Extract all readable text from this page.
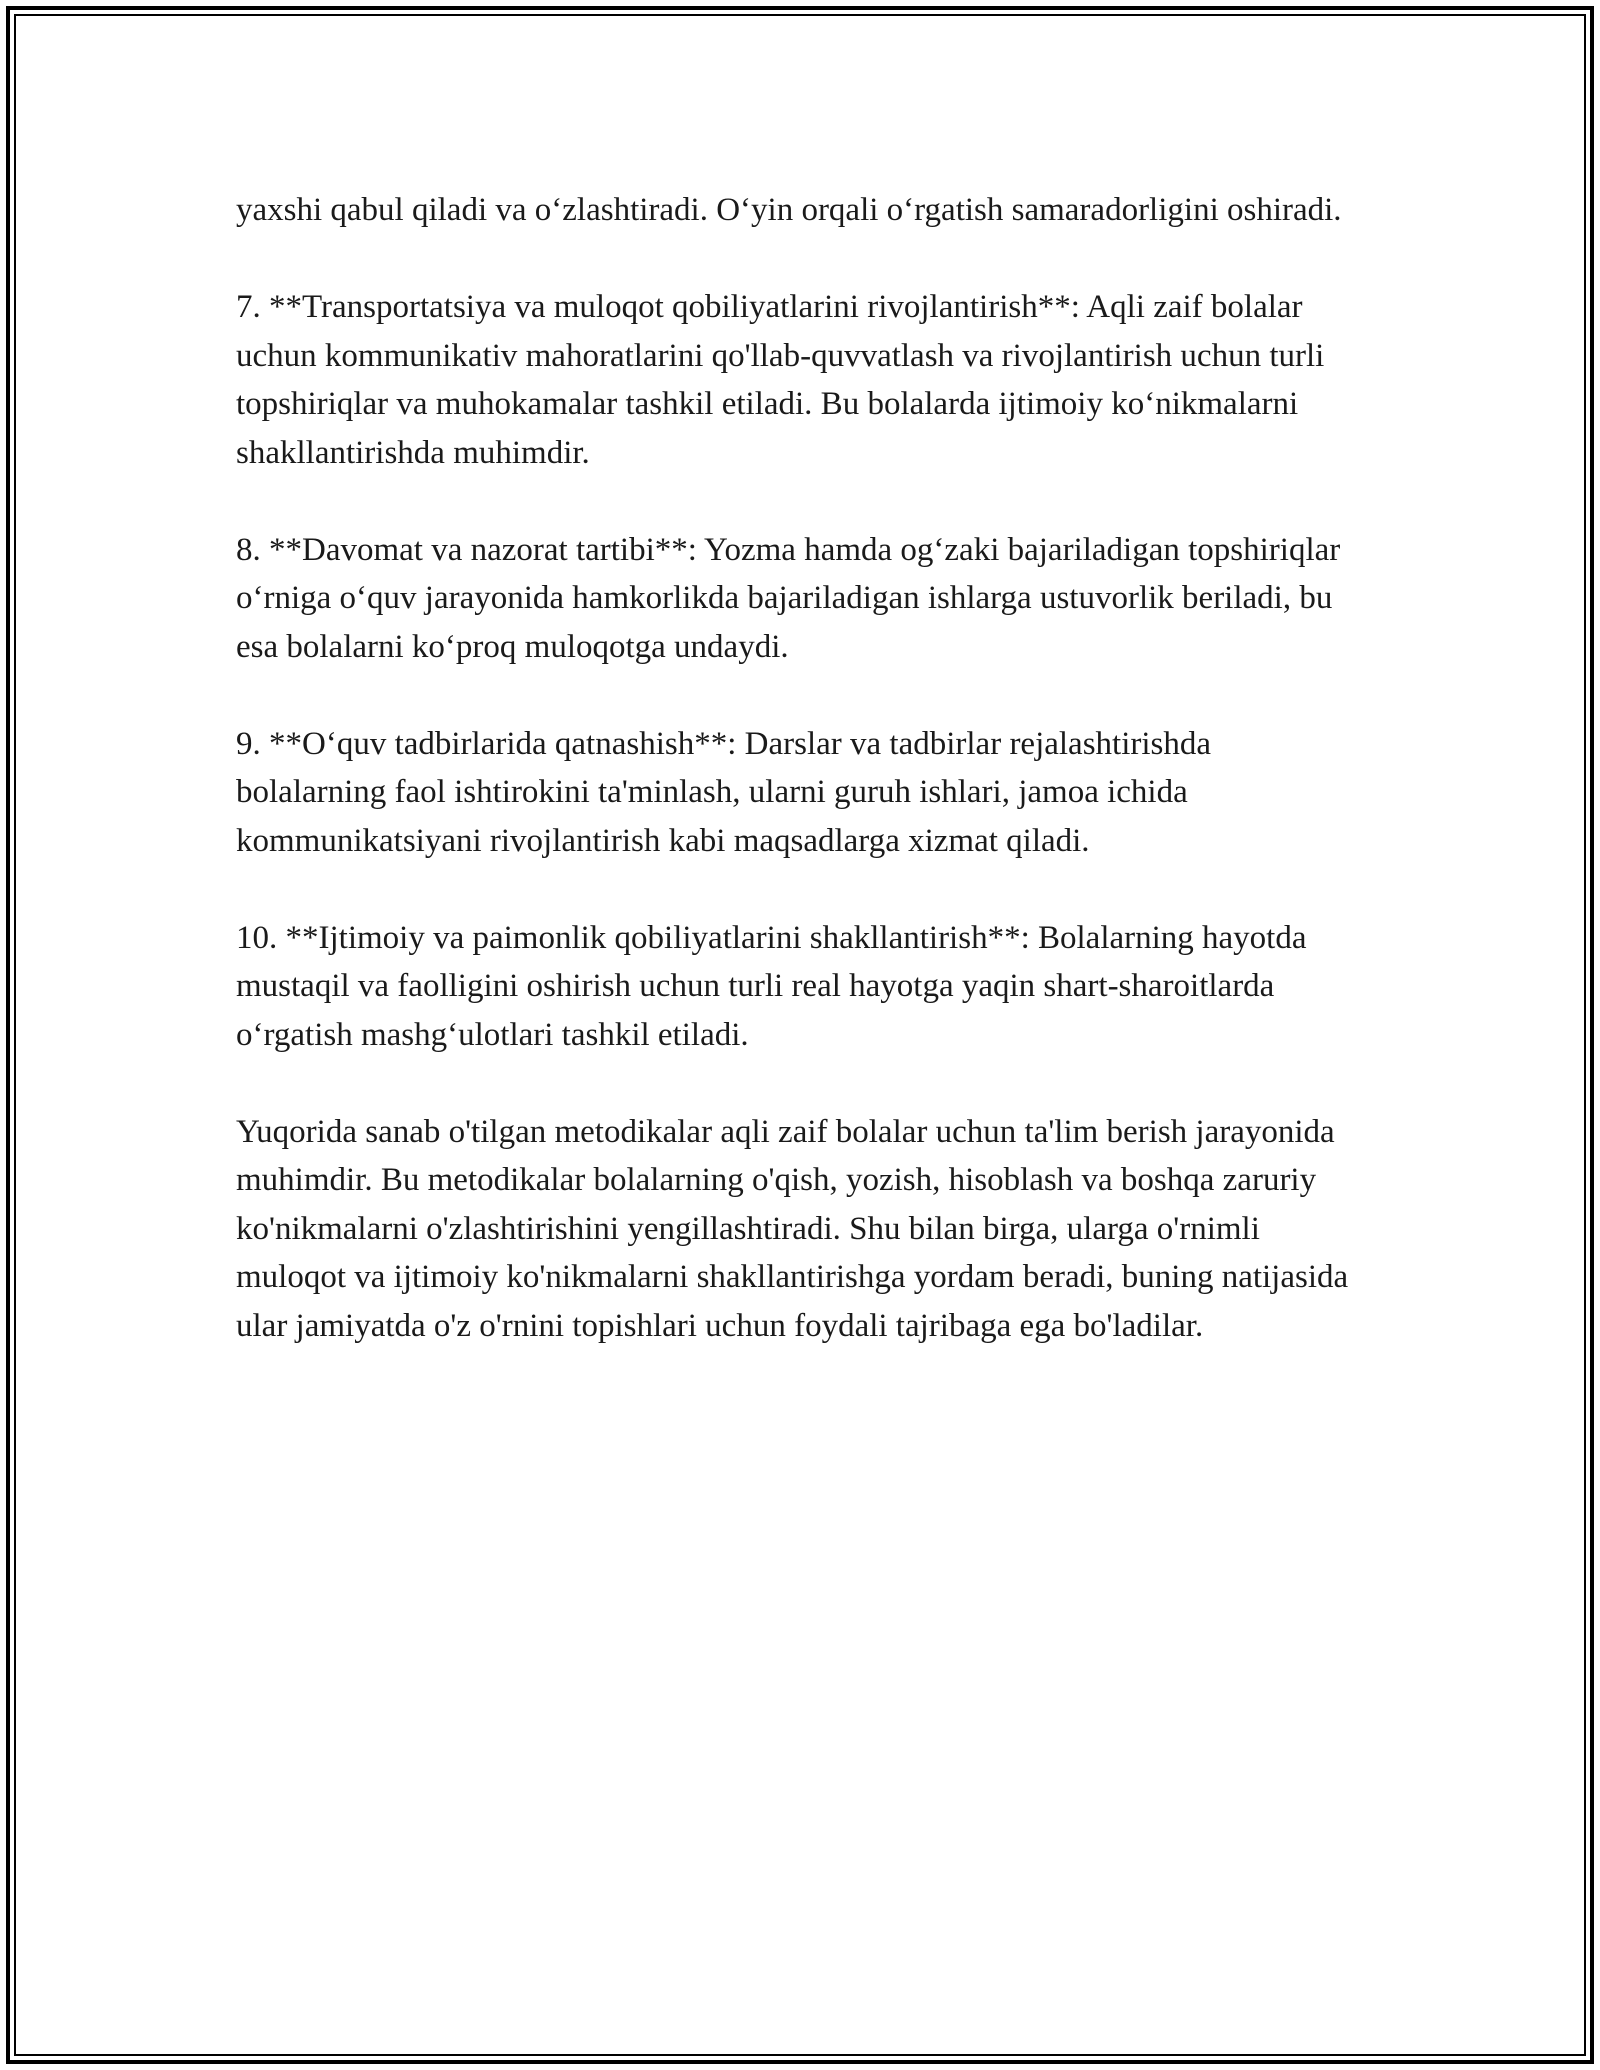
yaxshi qabul qiladi va o‘zlashtiradi. O‘yin orqali o‘rgatish samaradorligini oshiradi.

7. **Transportatsiya va muloqot qobiliyatlarini rivojlantirish**: Aqli zaif bolalar uchun kommunikativ mahoratlarini qo'llab-quvvatlash va rivojlantirish uchun turli topshiriqlar va muhokamalar tashkil etiladi. Bu bolalarda ijtimoiy ko‘nikmalarni shakllantirishda muhimdir.

8. **Davomat va nazorat tartibi**: Yozma hamda og‘zaki bajariladigan topshiriqlar o‘rniga o‘quv jarayonida hamkorlikda bajariladigan ishlarga ustuvorlik beriladi, bu esa bolalarni ko‘proq muloqotga undaydi.

9. **O‘quv tadbirlarida qatnashish**: Darslar va tadbirlar rejalashtirishda bolalarning faol ishtirokini ta'minlash, ularni guruh ishlari, jamoa ichida kommunikatsiyani rivojlantirish kabi maqsadlarga xizmat qiladi.

10. **Ijtimoiy va paimonlik qobiliyatlarini shakllantirish**: Bolalarning hayotda mustaqil va faolligini oshirish uchun turli real hayotga yaqin shart-sharoitlarda o‘rgatish mashg‘ulotlari tashkil etiladi.

Yuqorida sanab o'tilgan metodikalar aqli zaif bolalar uchun ta'lim berish jarayonida muhimdir. Bu metodikalar bolalarning o'qish, yozish, hisoblash va boshqa zaruriy ko'nikmalarni o'zlashtirishini yengillashtiradi. Shu bilan birga, ularga o'rnimli muloqot va ijtimoiy ko'nikmalarni shakllantirishga yordam beradi, buning natijasida ular jamiyatda o'z o'rnini topishlari uchun foydali tajribaga ega bo'ladilar.
